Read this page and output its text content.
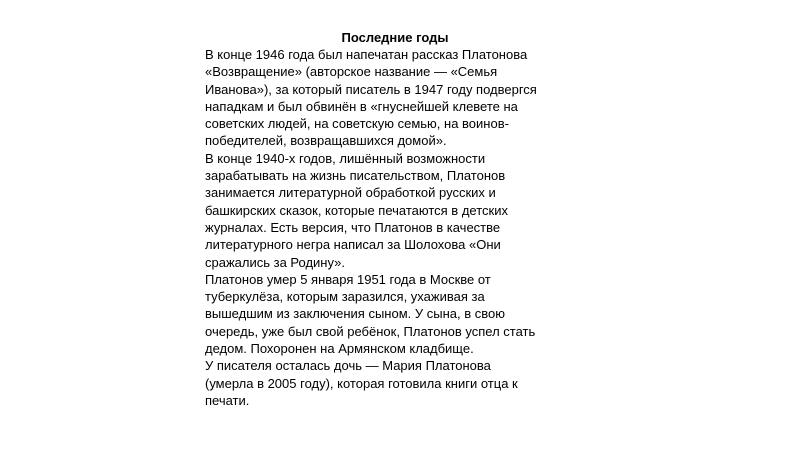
Последние годы
В конце 1946 года был напечатан рассказ Платонова
«Возвращение» (авторское название — «Семья
Иванова»), за который писатель в 1947 году подвергся
нападкам и был обвинён в «гнуснейшей клевете на
советских людей, на советскую семью, на воинов-
победителей, возвращавшихся домой».
В конце 1940-х годов, лишённый возможности
зарабатывать на жизнь писательством, Платонов
занимается литературной обработкой русских и
башкирских сказок, которые печатаются в детских
журналах. Есть версия, что Платонов в качестве
литературного негра написал за Шолохова «Они
сражались за Родину».
Платонов умер 5 января 1951 года в Москве от
туберкулёза, которым заразился, ухаживая за
вышедшим из заключения сыном. У сына, в свою
очередь, уже был свой ребёнок, Платонов успел стать
дедом. Похоронен на Армянском кладбище.
У писателя осталась дочь — Мария Платонова
(умерла в 2005 году), которая готовила книги отца к
печати.
